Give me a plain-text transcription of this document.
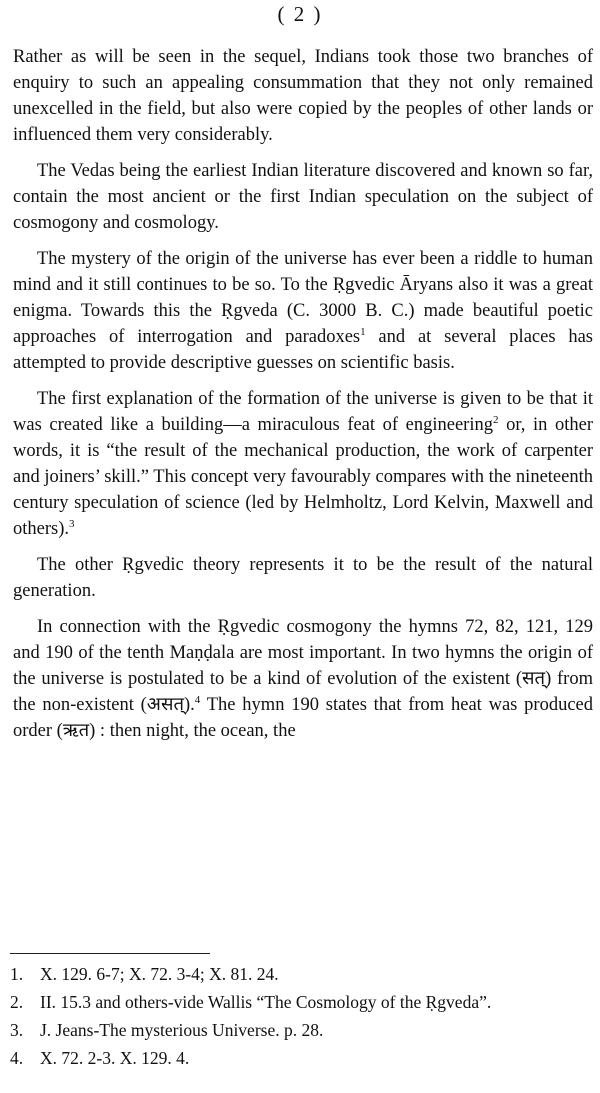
( 2 )

Rather as will be seen in the sequel, Indians took those two branches of enquiry to such an appealing consummation that they not only remained unexcelled in the field, but also were copied by the peoples of other lands or influenced them very considerably.

The Vedas being the earliest Indian literature discovered and known so far, contain the most ancient or the first Indian speculation on the subject of cosmogony and cosmology.

The mystery of the origin of the universe has ever been a riddle to human mind and it still continues to be so. To the Ṛgvedic Āryans also it was a great enigma. Towards this the Ṛgveda (C. 3000 B. C.) made beautiful poetic approaches of interrogation and paradoxes$^1$ and at several places has attempted to provide descriptive guesses on scientific basis.

The first explanation of the formation of the universe is given to be that it was created like a building—a miraculous feat of engineering$^2$ or, in other words, it is “the result of the mechanical production, the work of carpenter and joiners’ skill.” This concept very favourably compares with the nineteenth century speculation of science (led by Helmholtz, Lord Kelvin, Maxwell and others).$^3$

The other Ṛgvedic theory represents it to be the result of the natural generation.

In connection with the Ṛgvedic cosmogony the hymns 72, 82, 121, 129 and 190 of the tenth Maṇḍala are most important. In two hymns the origin of the universe is postulated to be a kind of evolution of the existent (सत्) from the non-existent (असत्).$^4$ The hymn 190 states that from heat was produced order (ऋत) : then night, the ocean, the

1. X. 129. 6-7; X. 72. 3-4; X. 81. 24.
2. II. 15.3 and others-vide Wallis “The Cosmology of the Ṛgveda”.
3. J. Jeans-The mysterious Universe. p. 28.
4. X. 72. 2-3. X. 129. 4.
